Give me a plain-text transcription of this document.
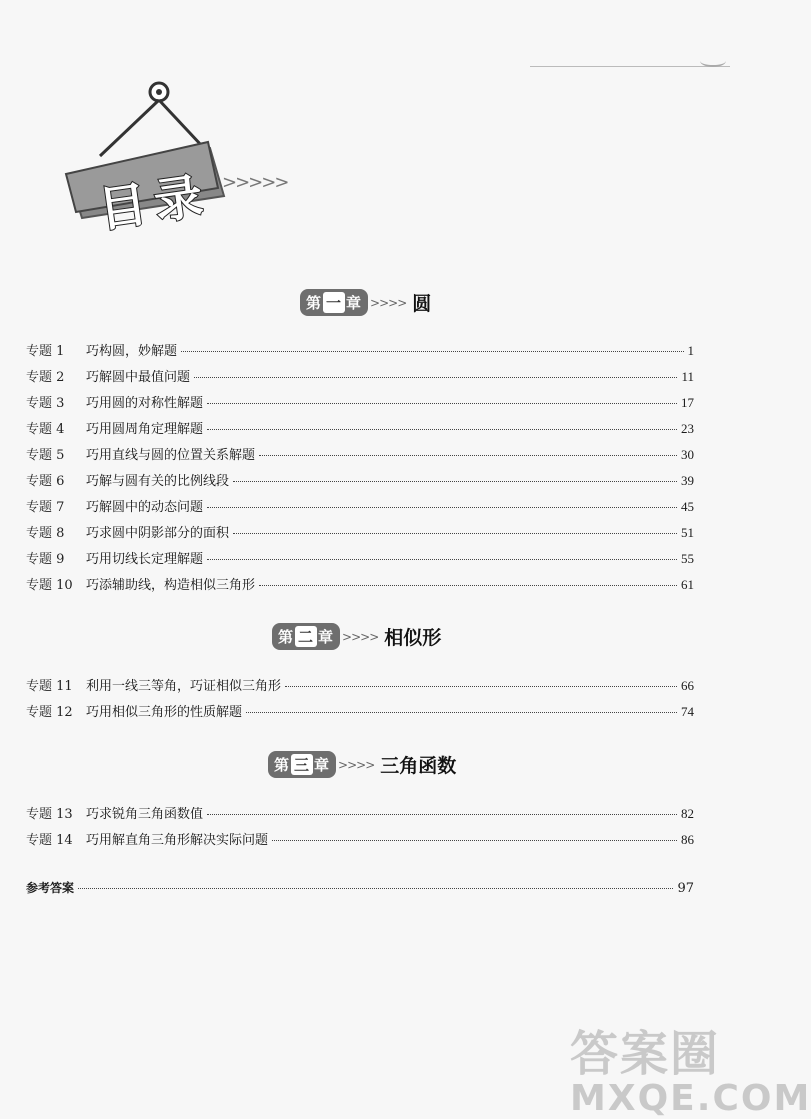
目录 >>>>>
第 一 章 >>>> 圆
第 二 章 >>>> 相似形
第 三 章 >>>> 三角函数
专题 1	巧构圆，妙解题	1
专题 2	巧解圆中最值问题	11
专题 3	巧用圆的对称性解题	17
专题 4	巧用圆周角定理解题	23
专题 5	巧用直线与圆的位置关系解题	30
专题 6	巧解与圆有关的比例线段	39
专题 7	巧解圆中的动态问题	45
专题 8	巧求圆中阴影部分的面积	51
专题 9	巧用切线长定理解题	55
专题 10	巧添辅助线，构造相似三角形	61
专题 11	利用一线三等角，巧证相似三角形	66
专题 12	巧用相似三角形的性质解题	74
专题 13	巧求锐角三角函数值	82
专题 14	巧用解直角三角形解决实际问题	86
参考答案	97
答案圈
MXQE.COM
